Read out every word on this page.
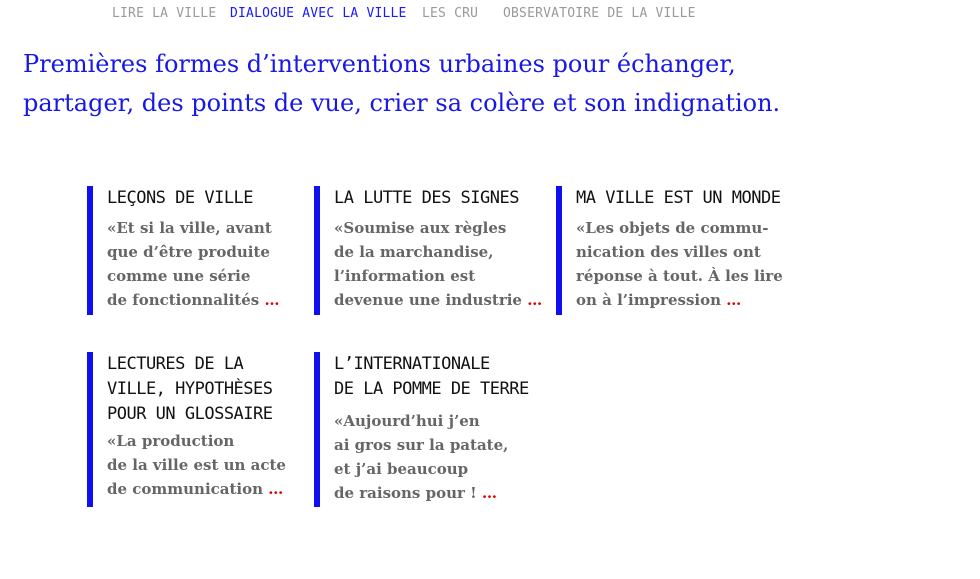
LIRE LA VILLE DIALOGUE AVEC LA VILLE LES CRU OBSERVATOIRE DE LA VILLE

Premières formes d’interventions urbaines pour échanger, partager, des points de vue, crier sa colère et son indignation.

LEÇONS DE VILLE

«Et si la ville, avant
que d’être produite
comme une série
de fonctionnalités …

LA LUTTE DES SIGNES

«Soumise aux règles
de la marchandise,
l’information est
devenue une industrie …

MA VILLE EST UN MONDE

«Les objets de commu-
nication des villes ont
réponse à tout. À les lire
on à l’impression …

LECTURES DE LA
VILLE, HYPOTHÈSES
POUR UN GLOSSAIRE

«La production
de la ville est un acte
de communication …

L’INTERNATIONALE
DE LA POMME DE TERRE

«Aujourd’hui j’en
ai gros sur la patate,
et j’ai beaucoup
de raisons pour ! …
